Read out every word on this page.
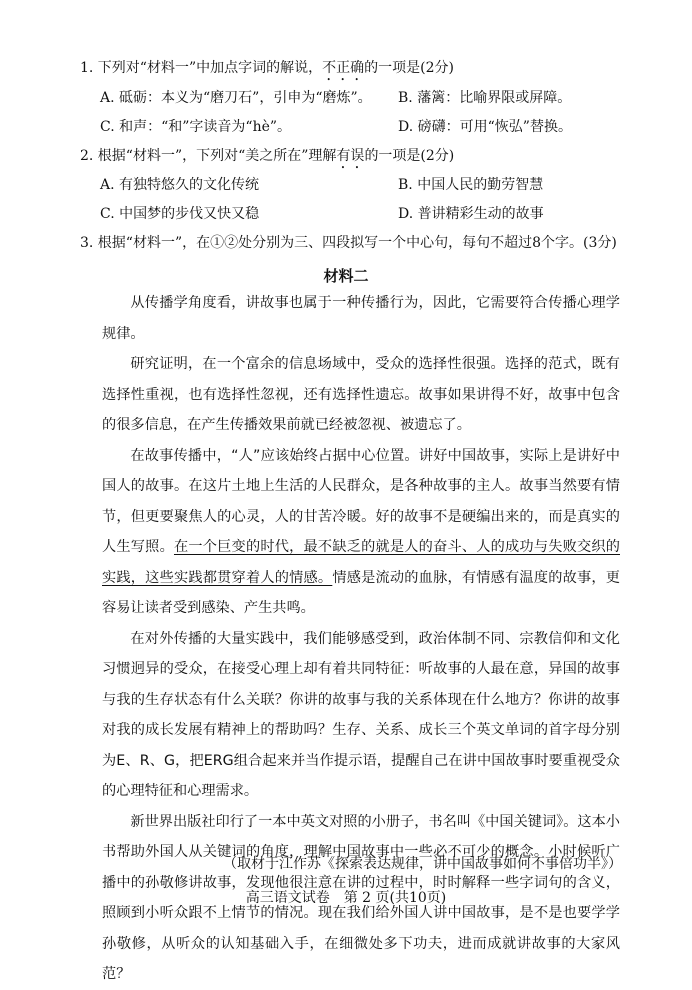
1. 下列对“材料一”中加点字词的解说，不正确的一项是(2分)
A. 砥砺：本义为“磨刀石”，引申为“磨炼”。 B. 藩篱：比喻界限或屏障。
C. 和声：“和”字读音为“hè”。	D. 磅礴：可用“恢弘”替换。
2. 根据“材料一”，下列对“美之所在”理解有误的一项是(2分)
A. 有独特悠久的文化传统	B. 中国人民的勤劳智慧
C. 中国梦的步伐又快又稳	D. 普讲精彩生动的故事
3. 根据“材料一”，在①②处分别为三、四段拟写一个中心句，每句不超过8个字。(3分)
材料二

从传播学角度看，讲故事也属于一种传播行为，因此，它需要符合传播心理学规律。

研究证明，在一个富余的信息场域中，受众的选择性很强。选择的范式，既有选择性重视，也有选择性忽视，还有选择性遗忘。故事如果讲得不好，故事中包含的很多信息，在产生传播效果前就已经被忽视、被遗忘了。

在故事传播中，“人”应该始终占据中心位置。讲好中国故事，实际上是讲好中国人的故事。在这片土地上生活的人民群众，是各种故事的主人。故事当然要有情节，但更要聚焦人的心灵，人的甘苦冷暖。好的故事不是硬编出来的，而是真实的人生写照。在一个巨变的时代，最不缺乏的就是人的奋斗、人的成功与失败交织的实践，这些实践都贯穿着人的情感。情感是流动的血脉，有情感有温度的故事，更容易让读者受到感染、产生共鸣。

在对外传播的大量实践中，我们能够感受到，政治体制不同、宗教信仰和文化习惯迥异的受众，在接受心理上却有着共同特征：听故事的人最在意，异国的故事与我的生存状态有什么关联？你讲的故事与我的关系体现在什么地方？你讲的故事对我的成长发展有精神上的帮助吗？生存、关系、成长三个英文单词的首字母分别为E、R、G，把ERG组合起来并当作提示语，提醒自己在讲中国故事时要重视受众的心理特征和心理需求。

新世界出版社印行了一本中英文对照的小册子，书名叫《中国关键词》。这本小书帮助外国人从关键词的角度，理解中国故事中一些必不可少的概念。小时候听广播中的孙敬修讲故事，发现他很注意在讲的过程中，时时解释一些字词句的含义，照顾到小听众跟不上情节的情况。现在我们给外国人讲中国故事，是不是也要学学孙敬修，从听众的认知基础入手，在细微处多下功夫，进而成就讲故事的大家风范？

（取材于江作苏《探索表达规律，讲中国故事如何不事倍功半》）
高三语文试卷　第 2 页(共10页)
